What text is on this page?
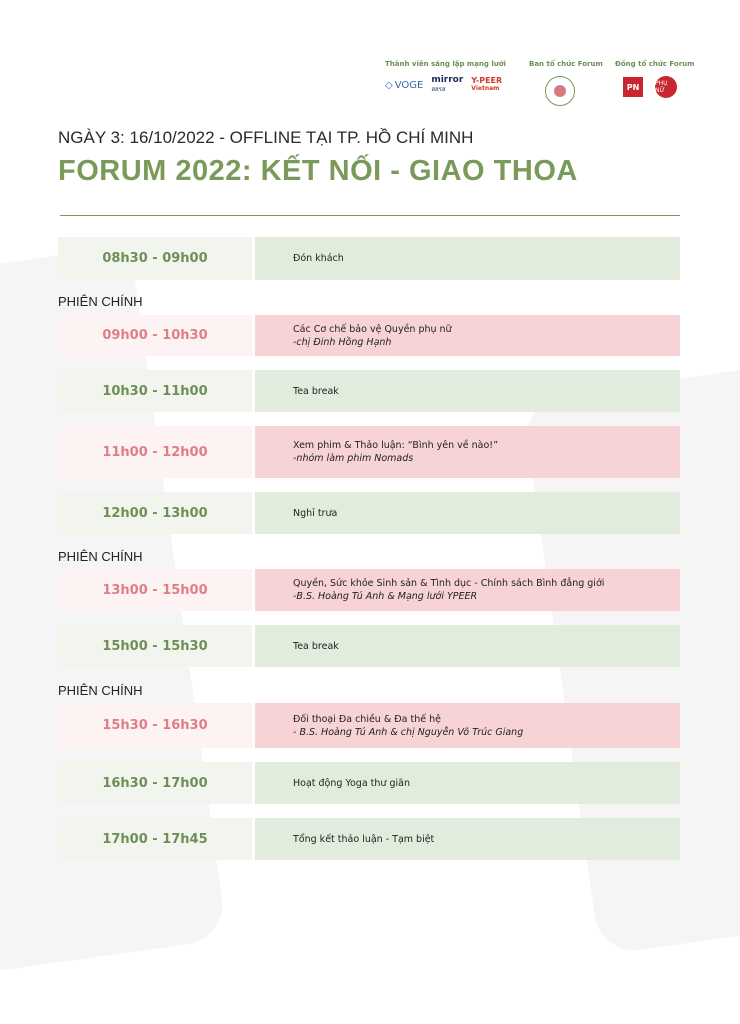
Thành viên sáng lập mạng lưới
◇ VOGE mirror
สสรส
Y-PEER
Vietnam
Ban tổ chức Forum Đồng tổ chức Forum
PN	PHỤ NỮ
NGÀY 3: 16/10/2022 - OFFLINE TẠI TP. HỒ CHÍ MINH
FORUM 2022: KẾT NỐI - GIAO THOA
08h30 - 09h00	Đón khách
PHIÊN CHÍNH
09h00 - 10h30	Các Cơ chế bảo vệ Quyền phụ nữ
-chị Đinh Hồng Hạnh
10h30 - 11h00	Tea break
11h00 - 12h00	Xem phim & Thảo luận: “Bình yên về nào!”
-nhóm làm phim Nomads
12h00 - 13h00	Nghỉ trưa
PHIÊN CHÍNH
13h00 - 15h00	Quyền, Sức khỏe Sinh sản & Tình dục - Chính sách Bình đẳng giới
-B.S. Hoàng Tú Anh & Mạng lưới YPEER
15h00 - 15h30	Tea break
PHIÊN CHÍNH
15h30 - 16h30	Đối thoại Đa chiều & Đa thế hệ
- B.S. Hoàng Tú Anh & chị Nguyễn Võ Trúc Giang
16h30 - 17h00	Hoạt động Yoga thư giãn
17h00 - 17h45	Tổng kết thảo luận - Tạm biệt
